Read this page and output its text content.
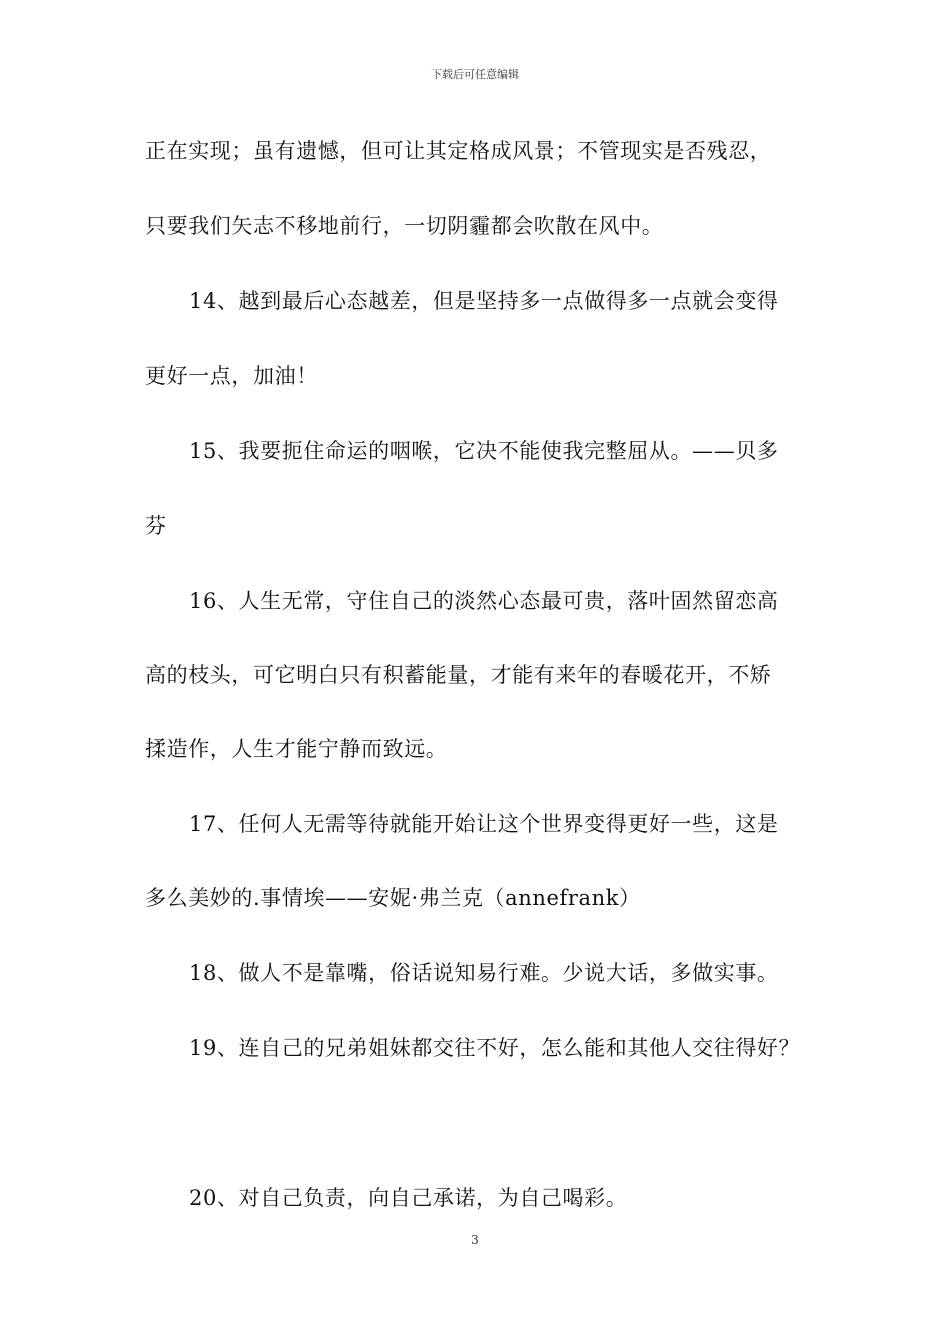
下载后可任意编辑
正在实现；虽有遗憾，但可让其定格成风景；不管现实是否残忍，
只要我们矢志不移地前行，一切阴霾都会吹散在风中。
14、越到最后心态越差，但是坚持多一点做得多一点就会变得
更好一点，加油！
15、我要扼住命运的咽喉，它决不能使我完整屈从。——贝多
芬
16、人生无常，守住自己的淡然心态最可贵，落叶固然留恋高
高的枝头，可它明白只有积蓄能量，才能有来年的春暖花开，不矫
揉造作，人生才能宁静而致远。
17、任何人无需等待就能开始让这个世界变得更好一些，这是
多么美妙的.事情埃——安妮·弗兰克（annefrank）
18、做人不是靠嘴，俗话说知易行难。少说大话，多做实事。
19、连自己的兄弟姐妹都交往不好，怎么能和其他人交往得好？
20、对自己负责，向自己承诺，为自己喝彩。
3
